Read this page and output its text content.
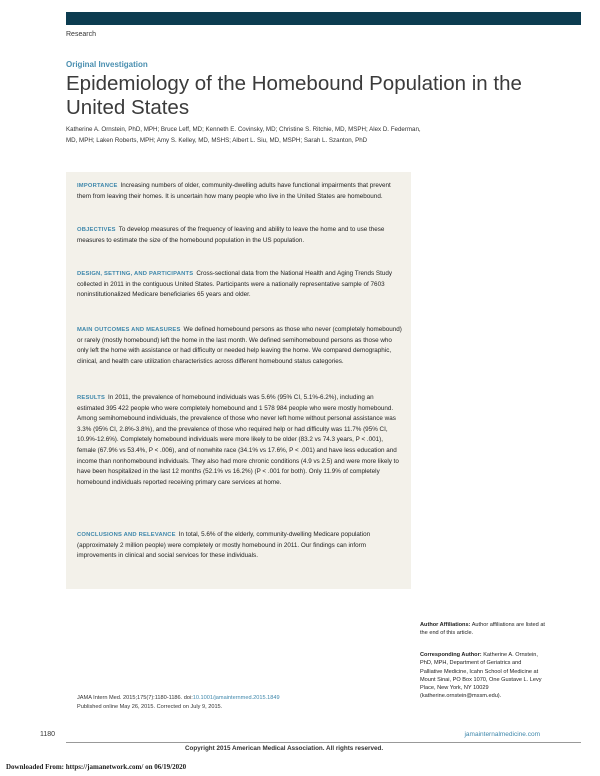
Research
Original Investigation
Epidemiology of the Homebound Population in the United States
Katherine A. Ornstein, PhD, MPH; Bruce Leff, MD; Kenneth E. Covinsky, MD; Christine S. Ritchie, MD, MSPH; Alex D. Federman, MD, MPH; Laken Roberts, MPH; Amy S. Kelley, MD, MSHS; Albert L. Siu, MD, MSPH; Sarah L. Szanton, PhD
IMPORTANCE Increasing numbers of older, community-dwelling adults have functional impairments that prevent them from leaving their homes. It is uncertain how many people who live in the United States are homebound.
OBJECTIVES To develop measures of the frequency of leaving and ability to leave the home and to use these measures to estimate the size of the homebound population in the US population.
DESIGN, SETTING, AND PARTICIPANTS Cross-sectional data from the National Health and Aging Trends Study collected in 2011 in the contiguous United States. Participants were a nationally representative sample of 7603 noninstitutionalized Medicare beneficiaries 65 years and older.
MAIN OUTCOMES AND MEASURES We defined homebound persons as those who never (completely homebound) or rarely (mostly homebound) left the home in the last month. We defined semihomebound persons as those who only left the home with assistance or had difficulty or needed help leaving the home. We compared demographic, clinical, and health care utilization characteristics across different homebound status categories.
RESULTS In 2011, the prevalence of homebound individuals was 5.6% (95% CI, 5.1%-6.2%), including an estimated 395 422 people who were completely homebound and 1 578 984 people who were mostly homebound. Among semihomebound individuals, the prevalence of those who never left home without personal assistance was 3.3% (95% CI, 2.8%-3.8%), and the prevalence of those who required help or had difficulty was 11.7% (95% CI, 10.9%-12.6%). Completely homebound individuals were more likely to be older (83.2 vs 74.3 years, P < .001), female (67.9% vs 53.4%, P < .006), and of nonwhite race (34.1% vs 17.6%, P < .001) and have less education and income than nonhomebound individuals. They also had more chronic conditions (4.9 vs 2.5) and were more likely to have been hospitalized in the last 12 months (52.1% vs 16.2%) (P < .001 for both). Only 11.9% of completely homebound individuals reported receiving primary care services at home.
CONCLUSIONS AND RELEVANCE In total, 5.6% of the elderly, community-dwelling Medicare population (approximately 2 million people) were completely or mostly homebound in 2011. Our findings can inform improvements in clinical and social services for these individuals.
Author Affiliations: Author affiliations are listed at the end of this article.
Corresponding Author: Katherine A. Ornstein, PhD, MPH, Department of Geriatrics and Palliative Medicine, Icahn School of Medicine at Mount Sinai, PO Box 1070, One Gustave L. Levy Place, New York, NY 10029 (katherine.ornstein@mssm.edu).
JAMA Intern Med. 2015;175(7):1180-1186. doi:10.1001/jamainternmed.2015.1849
Published online May 26, 2015. Corrected on July 9, 2015.
1180	jamainternalmedicine.com
Copyright 2015 American Medical Association. All rights reserved.
Downloaded From: https://jamanetwork.com/ on 06/19/2020
